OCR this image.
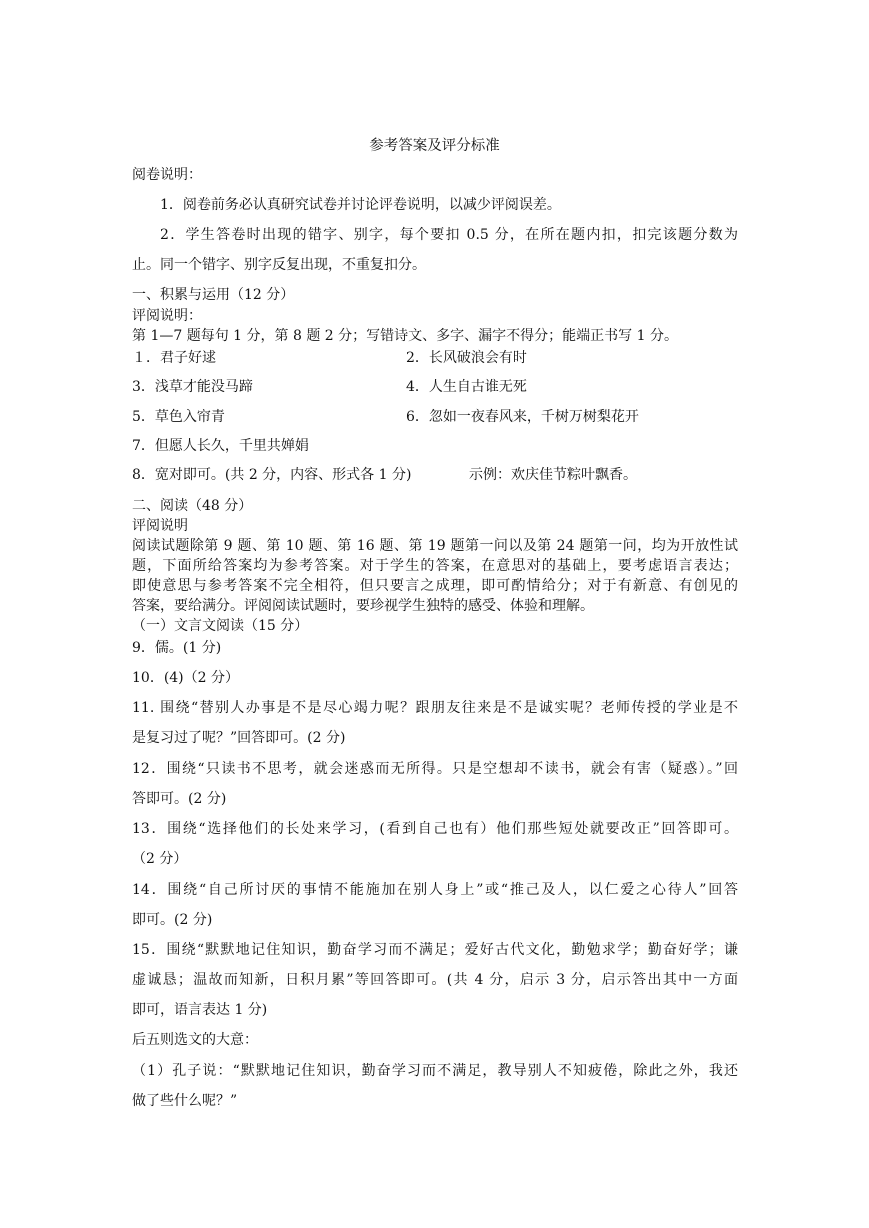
参考答案及评分标准
阅卷说明：
1．阅卷前务必认真研究试卷并讨论评卷说明，以减少评阅误差。
2．学生答卷时出现的错字、别字，每个要扣 0.5 分，在所在题内扣，扣完该题分数为
止。同一个错字、别字反复出现，不重复扣分。
一、积累与运用（12 分）
评阅说明：
第 1—7 题每句 1 分，第 8 题 2 分；写错诗文、多字、漏字不得分；能端正书写 1 分。
１．君子好逑	2．长风破浪会有时
3．浅草才能没马蹄	4．人生自古谁无死
5．草色入帘青	6．忽如一夜春风来，千树万树梨花开
7．但愿人长久，千里共婵娟
8．宽对即可。(共 2 分，内容、形式各 1 分)	示例：欢庆佳节粽叶飘香。
二、阅读（48 分）
评阅说明
阅读试题除第 9 题、第 10 题、第 16 题、第 19 题第一问以及第 24 题第一问，均为开放性试
题，下面所给答案均为参考答案。对于学生的答案，在意思对的基础上，要考虑语言表达；
即使意思与参考答案不完全相符，但只要言之成理，即可酌情给分；对于有新意、有创见的
答案，要给满分。评阅阅读试题时，要珍视学生独特的感受、体验和理解。
（一）文言文阅读（15 分）
9．儒。(1 分)
10．(4)（2 分）
11. 围绕“替别人办事是不是尽心竭力呢？跟朋友往来是不是诚实呢？老师传授的学业是不
是复习过了呢？”回答即可。(2 分)
12．围绕“只读书不思考，就会迷惑而无所得。只是空想却不读书，就会有害（疑惑）。”回
答即可。(2 分)
13．围绕“选择他们的长处来学习，(看到自己也有）他们那些短处就要改正”回答即可。
（2 分）
14．围绕“自己所讨厌的事情不能施加在别人身上”或“推己及人，以仁爱之心待人”回答
即可。(2 分)
15．围绕“默默地记住知识，勤奋学习而不满足；爱好古代文化，勤勉求学；勤奋好学；谦
虚诚恳；温故而知新，日积月累”等回答即可。(共 4 分，启示 3 分，启示答出其中一方面
即可，语言表达 1 分)
后五则选文的大意：
（1）孔子说：“默默地记住知识，勤奋学习而不满足，教导别人不知疲倦，除此之外，我还
做了些什么呢？”
